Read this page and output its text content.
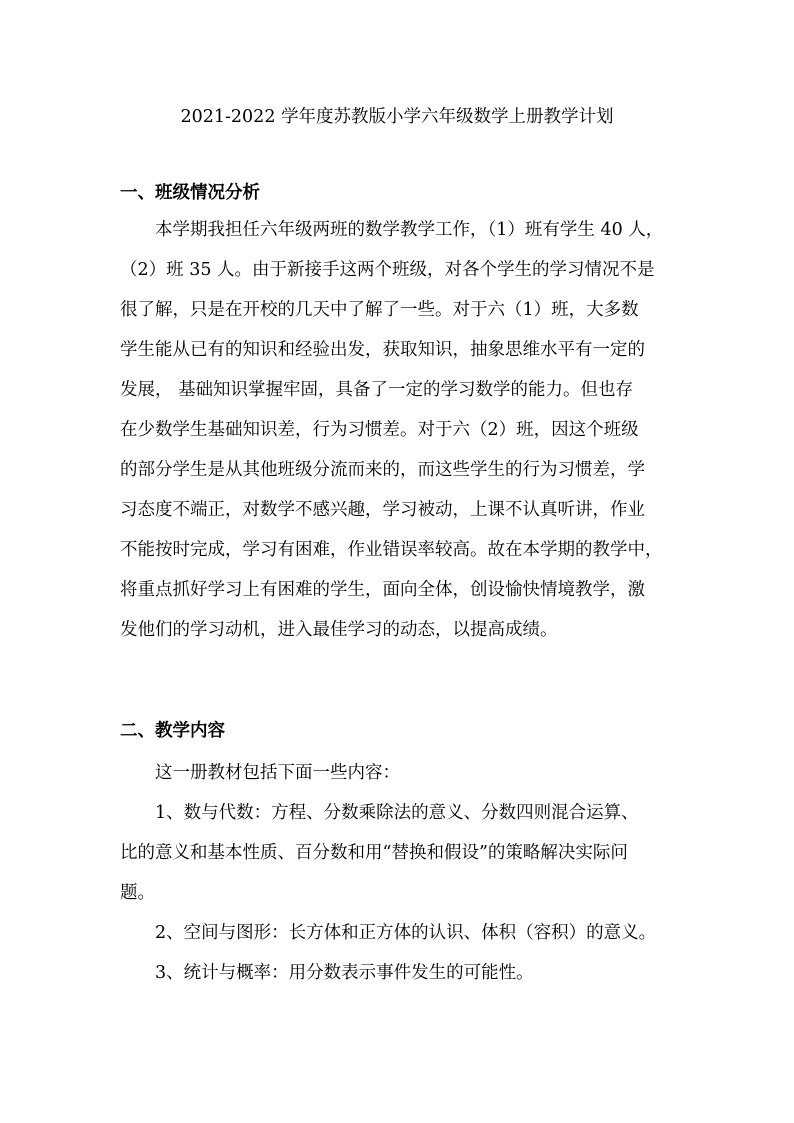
2021-2022 学年度苏教版小学六年级数学上册教学计划
一、班级情况分析
本学期我担任六年级两班的数学教学工作，（1）班有学生 40 人，
（2）班 35 人。由于新接手这两个班级，对各个学生的学习情况不是
很了解，只是在开校的几天中了解了一些。对于六（1）班，大多数
学生能从已有的知识和经验出发，获取知识，抽象思维水平有一定的
发展， 基础知识掌握牢固，具备了一定的学习数学的能力。但也存
在少数学生基础知识差，行为习惯差。对于六（2）班，因这个班级
的部分学生是从其他班级分流而来的，而这些学生的行为习惯差，学
习态度不端正，对数学不感兴趣，学习被动，上课不认真听讲，作业
不能按时完成，学习有困难，作业错误率较高。故在本学期的教学中，
将重点抓好学习上有困难的学生，面向全体，创设愉快情境教学，激
发他们的学习动机，进入最佳学习的动态，以提高成绩。
二、教学内容
这一册教材包括下面一些内容：
1、数与代数：方程、分数乘除法的意义、分数四则混合运算、
比的意义和基本性质、百分数和用“替换和假设”的策略解决实际问
题。
2、空间与图形：长方体和正方体的认识、体积（容积）的意义。
3、统计与概率：用分数表示事件发生的可能性。
